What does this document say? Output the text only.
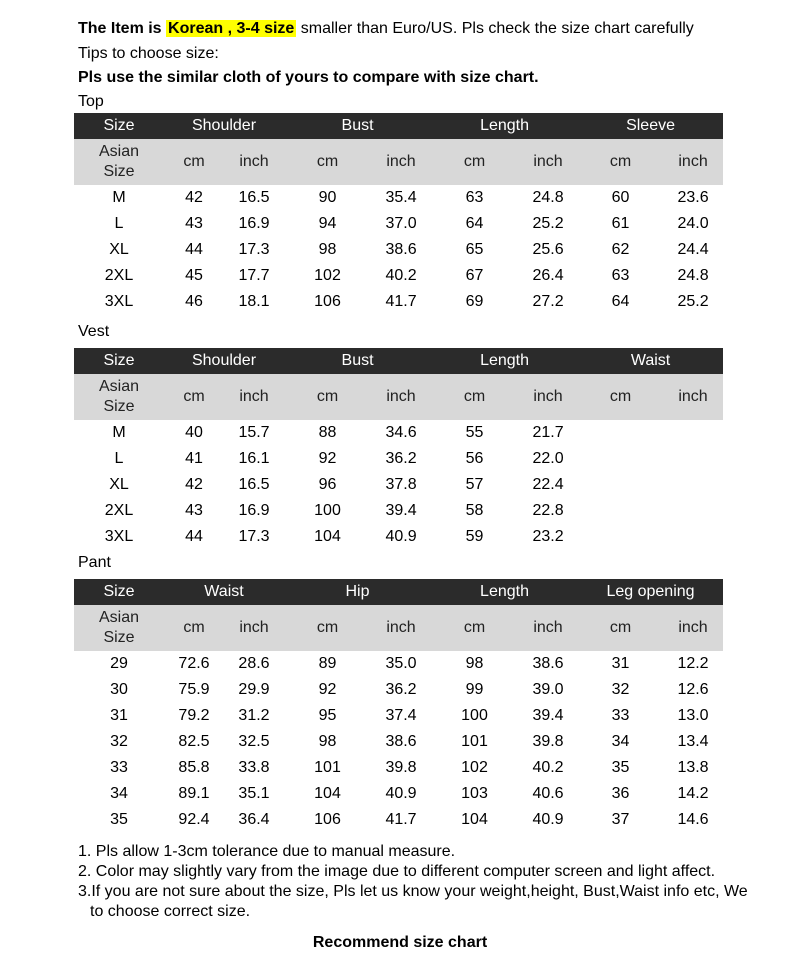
The Item is Korean , 3-4 size smaller than Euro/US. Pls check the size chart carefully
Tips to choose size:
Pls use the similar cloth of yours to compare with size chart.
Top
Size	Shoulder		Bust		Length		Sleeve	
Asian
Size	cm	inch	cm	inch	cm	inch	cm	inch
M	42	16.5	90	35.4	63	24.8	60	23.6
L	43	16.9	94	37.0	64	25.2	61	24.0
XL	44	17.3	98	38.6	65	25.6	62	24.4
2XL	45	17.7	102	40.2	67	26.4	63	24.8
3XL	46	18.1	106	41.7	69	27.2	64	25.2
Vest
Size	Shoulder		Bust		Length		Waist	
Asian
Size	cm	inch	cm	inch	cm	inch	cm	inch
M	40	15.7	88	34.6	55	21.7		
L	41	16.1	92	36.2	56	22.0		
XL	42	16.5	96	37.8	57	22.4		
2XL	43	16.9	100	39.4	58	22.8		
3XL	44	17.3	104	40.9	59	23.2		
Pant
Size	Waist		Hip		Length		Leg opening	
Asian
Size	cm	inch	cm	inch	cm	inch	cm	inch
29	72.6	28.6	89	35.0	98	38.6	31	12.2
30	75.9	29.9	92	36.2	99	39.0	32	12.6
31	79.2	31.2	95	37.4	100	39.4	33	13.0
32	82.5	32.5	98	38.6	101	39.8	34	13.4
33	85.8	33.8	101	39.8	102	40.2	35	13.8
34	89.1	35.1	104	40.9	103	40.6	36	14.2
35	92.4	36.4	106	41.7	104	40.9	37	14.6
1. Pls allow 1-3cm tolerance due to manual measure.
2. Color may slightly vary from the image due to different computer screen and light affect.
3.If you are not sure about the size, Pls let us know your weight,height, Bust,Waist info etc, We
to choose correct size.
Recommend size chart
